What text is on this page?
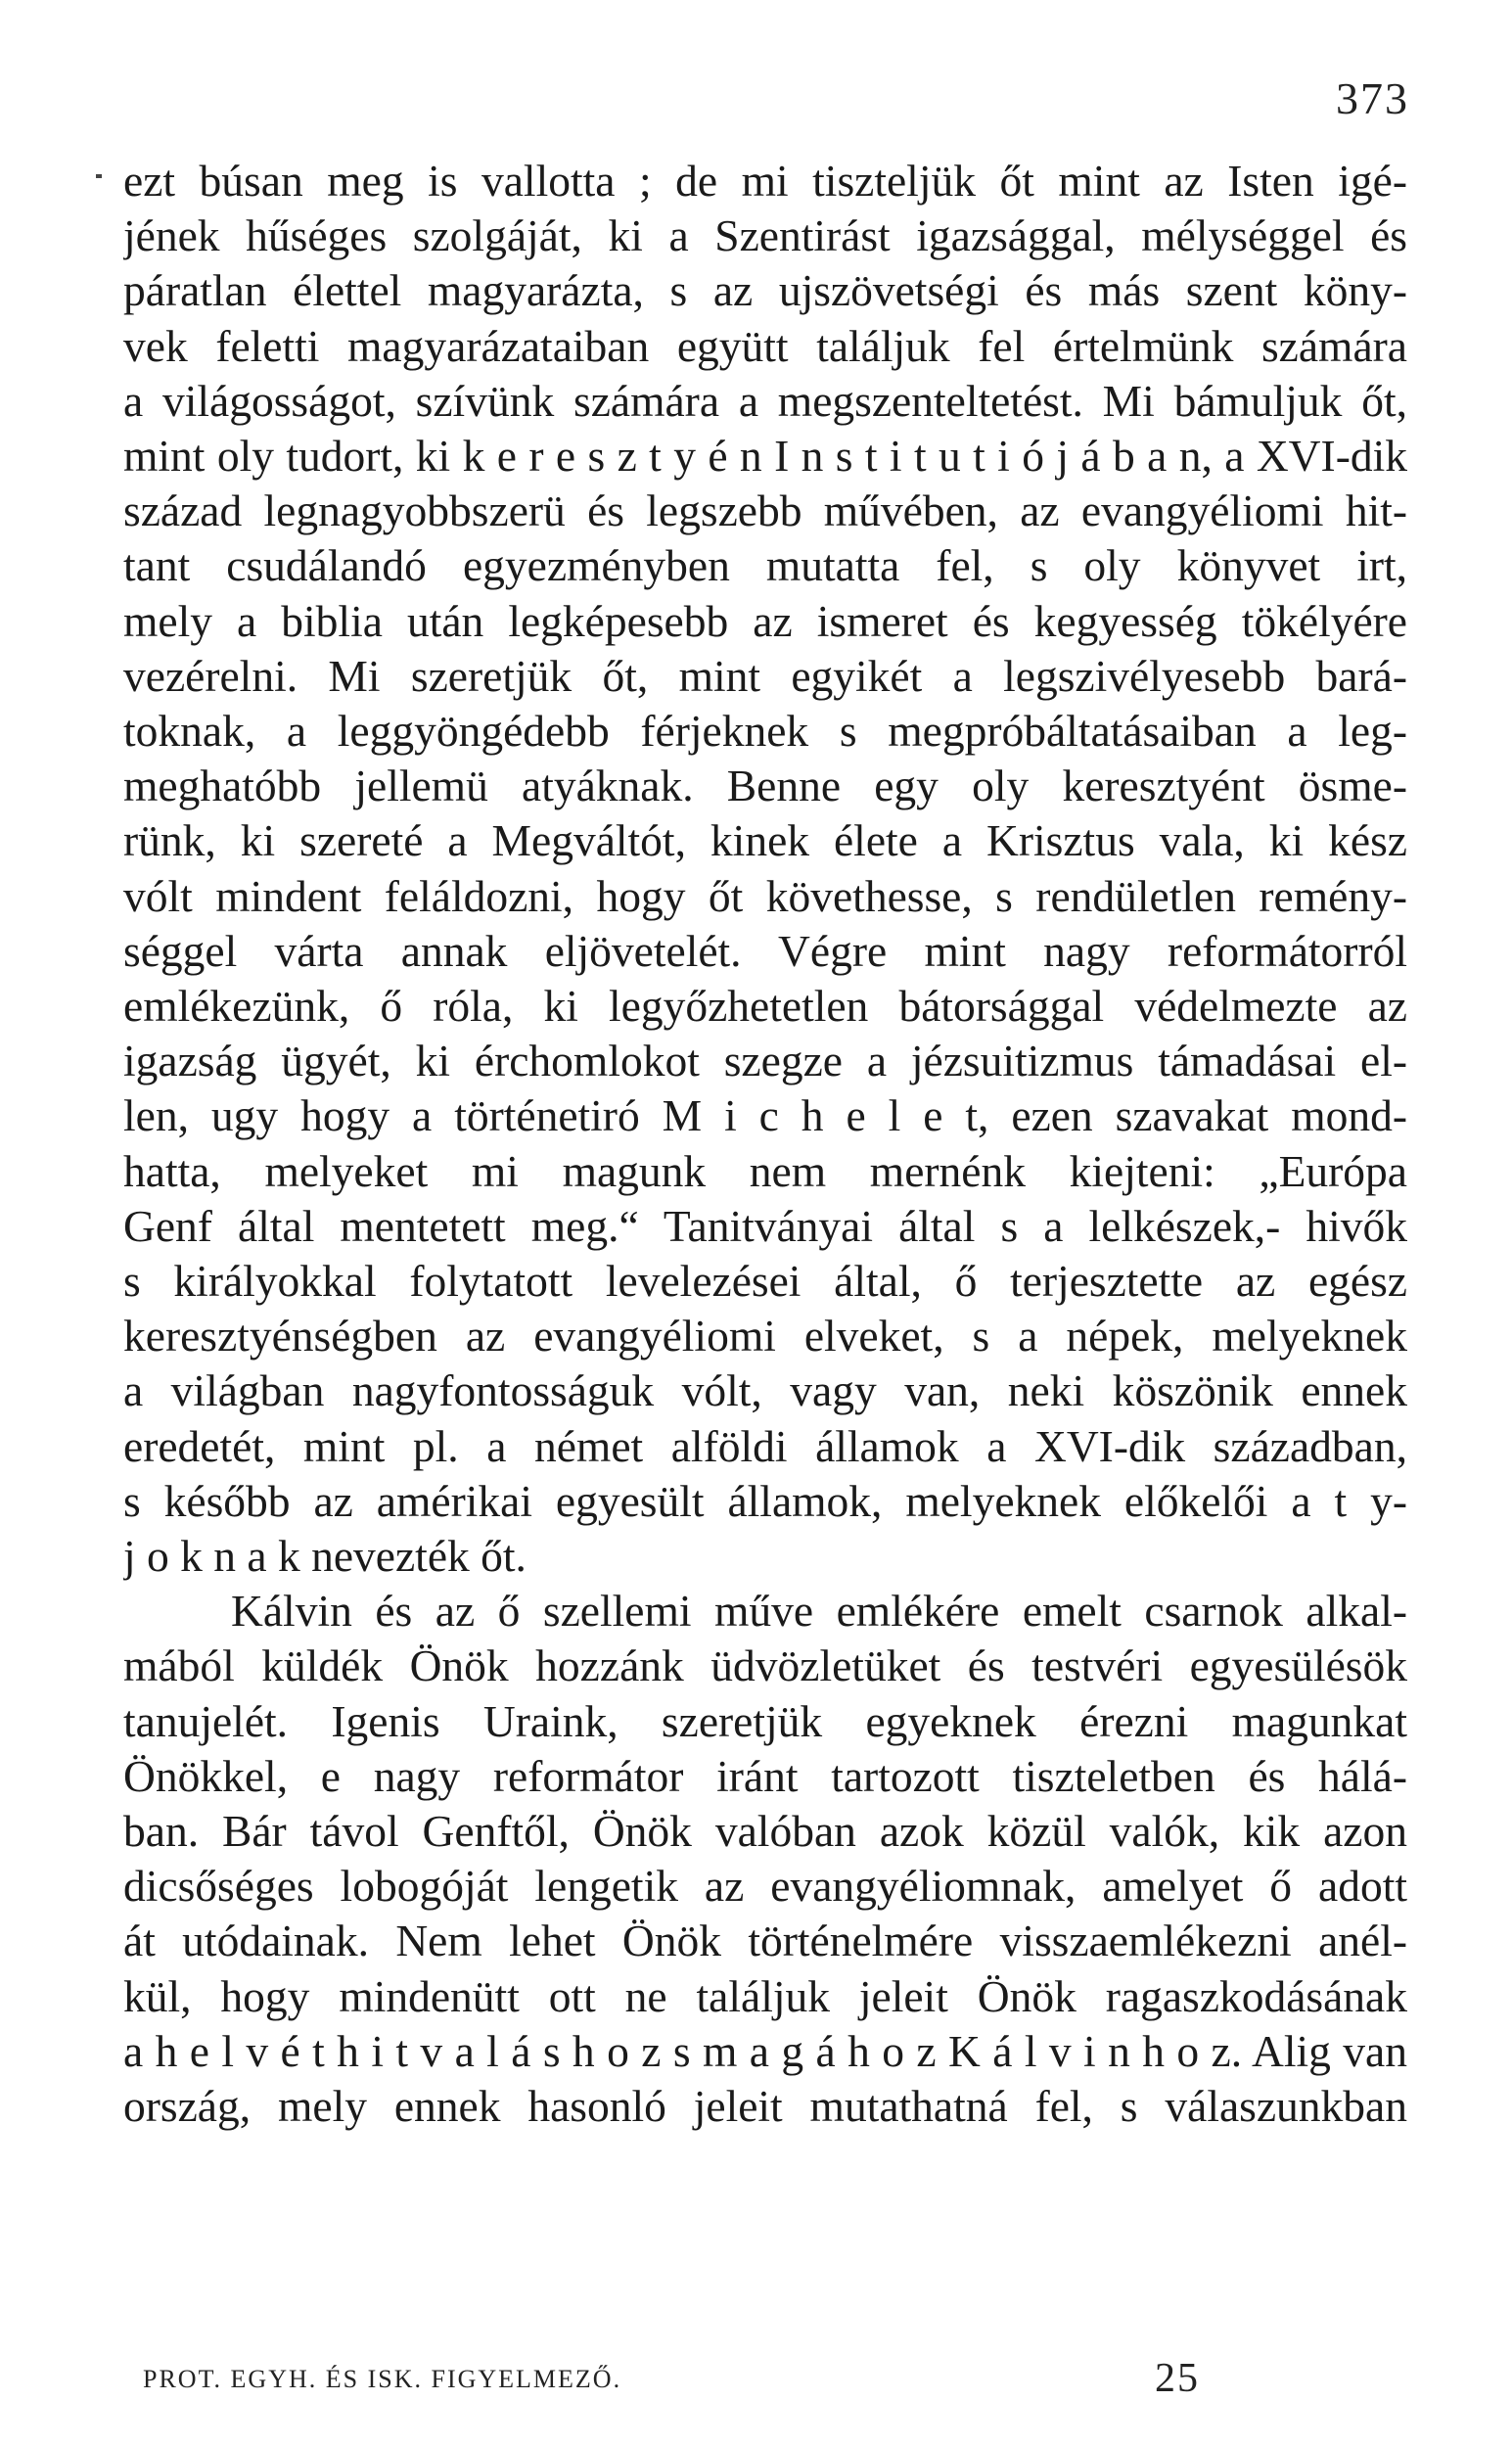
373
ezt búsan meg is vallotta ; de mi tiszteljük őt mint az Isten igé-
jének hűséges szolgáját, ki a Szentirást igazsággal, mélységgel és
páratlan élettel magyarázta, s az ujszövetségi és más szent köny-
vek feletti magyarázataiban együtt találjuk fel értelmünk számára
a világosságot, szívünk számára a megszenteltetést. Mi bámuljuk őt,
mint oly tudort, ki k e r e s z t y é n I n s t i t u t i ó j á b a n, a XVI-dik
század legnagyobbszerü és legszebb művében, az evangyéliomi hit-
tant csudálandó egyezményben mutatta fel, s oly könyvet irt,
mely a biblia után legképesebb az ismeret és kegyesség tökélyére
vezérelni. Mi szeretjük őt, mint egyikét a legszivélyesebb bará-
toknak, a leggyöngédebb férjeknek s megpróbáltatásaiban a leg-
meghatóbb jellemü atyáknak. Benne egy oly keresztyént ösme-
rünk, ki szereté a Megváltót, kinek élete a Krisztus vala, ki kész
vólt mindent feláldozni, hogy őt követhesse, s rendületlen remény-
séggel várta annak eljövetelét. Végre mint nagy reformátorról
emlékezünk, ő róla, ki legyőzhetetlen bátorsággal védelmezte az
igazság ügyét, ki érchomlokot szegze a jézsuitizmus támadásai el-
len, ugy hogy a történetiró M i c h e l e t, ezen szavakat mond-
hatta, melyeket mi magunk nem mernénk kiejteni: „Európa
Genf által mentetett meg.“ Tanitványai által s a lelkészek,- hivők
s királyokkal folytatott levelezései által, ő terjesztette az egész
keresztyénségben az evangyéliomi elveket, s a népek, melyeknek
a világban nagyfontosságuk vólt, vagy van, neki köszönik ennek
eredetét, mint pl. a német alföldi államok a XVI-dik században,
s később az amérikai egyesült államok, melyeknek előkelői a t y-
j o k n a k nevezték őt.
Kálvin és az ő szellemi műve emlékére emelt csarnok alkal-
mából küldék Önök hozzánk üdvözletüket és testvéri egyesülésök
tanujelét. Igenis Uraink, szeretjük egyeknek érezni magunkat
Önökkel, e nagy reformátor iránt tartozott tiszteletben és hálá-
ban. Bár távol Genftől, Önök valóban azok közül valók, kik azon
dicsőséges lobogóját lengetik az evangyéliomnak, amelyet ő adott
át utódainak. Nem lehet Önök történelmére visszaemlékezni anél-
kül, hogy mindenütt ott ne találjuk jeleit Önök ragaszkodásának
a h e l v é t h i t v a l á s h o z s m a g á h o z K á l v i n h o z. Alig van
ország, mely ennek hasonló jeleit mutathatná fel, s válaszunkban
PROT. EGYH. ÉS ISK. FIGYELMEZŐ.	25
